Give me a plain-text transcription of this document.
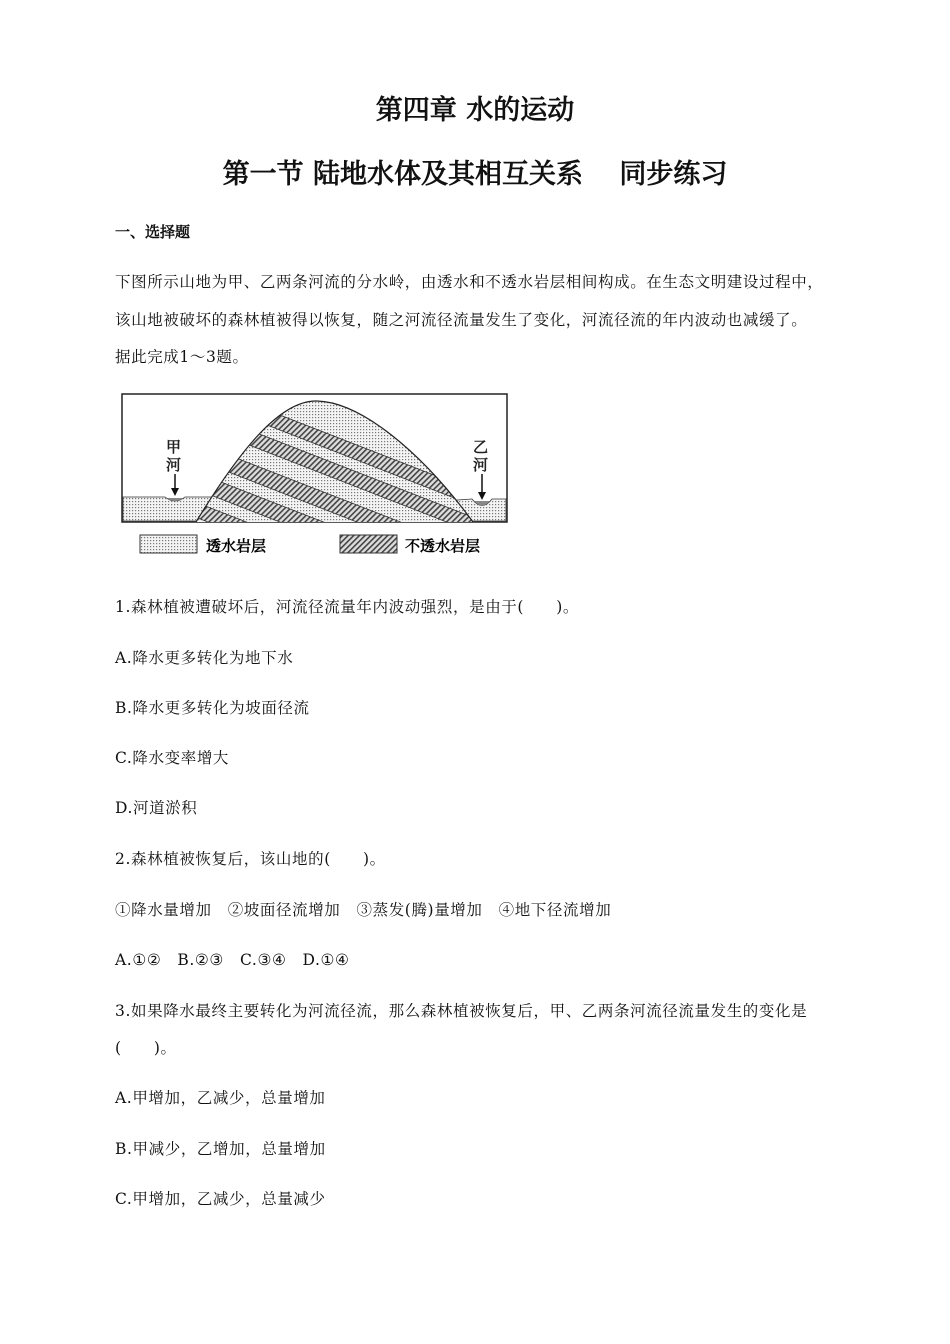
第四章 水的运动
第一节 陆地水体及其相互关系　 同步练习
一、选择题
下图所示山地为甲、乙两条河流的分水岭，由透水和不透水岩层相间构成。在生态文明建设过程中，
该山地被破坏的森林植被得以恢复，随之河流径流量发生了变化，河流径流的年内波动也减缓了。
据此完成1～3题。
甲
河
乙
河
透水岩层	不透水岩层
1.森林植被遭破坏后，河流径流量年内波动强烈，是由于(　　)。
A.降水更多转化为地下水
B.降水更多转化为坡面径流
C.降水变率增大
D.河道淤积
2.森林植被恢复后，该山地的(　　)。
①降水量增加　②坡面径流增加　③蒸发(腾)量增加　④地下径流增加
A.①②　B.②③　C.③④　D.①④
3.如果降水最终主要转化为河流径流，那么森林植被恢复后，甲、乙两条河流径流量发生的变化是
(　　)。
A.甲增加，乙减少，总量增加
B.甲减少，乙增加，总量增加
C.甲增加，乙减少，总量减少
